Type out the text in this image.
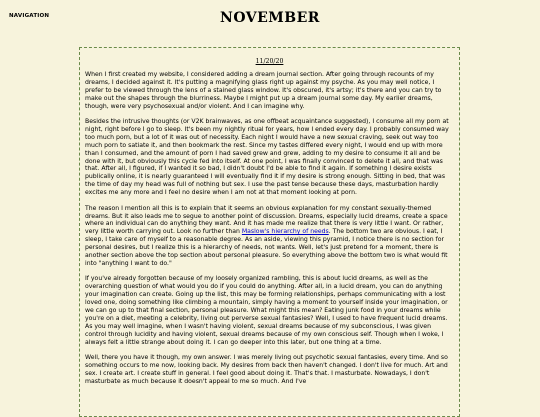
NAVIGATION	NOVEMBER
11/20/20

When I first created my website, I considered adding a dream journal section. After going through recounts of my dreams, I decided against it. It's putting a magnifying glass right up against my psyche. As you may well notice, I prefer to be viewed through the lens of a stained glass window. It's obscured, it's artsy; it's there and you can try to make out the shapes through the blurriness. Maybe I might put up a dream journal some day. My earlier dreams, though, were very psychosexual and/or violent. And I can imagine why.

Besides the intrusive thoughts (or V2K brainwaves, as one offbeat acquaintance suggested), I consume all my porn at night, right before I go to sleep. It's been my nightly ritual for years, how I ended every day. I probably consumed way too much porn, but a lot of it was out of necessity. Each night I would have a new sexual craving, seek out way too much porn to satiate it, and then bookmark the rest. Since my tastes differed every night, I would end up with more than I consumed, and the amount of porn I had saved grew and grew, adding to my desire to consume it all and be done with it, but obviously this cycle fed into itself. At one point, I was finally convinced to delete it all, and that was that. After all, I figured, if I wanted it so bad, I didn't doubt I'd be able to find it again. If something I desire exists publically online, it is nearly guaranteed I will eventually find it if my desire is strong enough. Sitting in bed, that was the time of day my head was full of nothing but sex. I use the past tense because these days, masturbation hardly excites me any more and I feel no desire when I am not at that moment looking at porn.

The reason I mention all this is to explain that it seems an obvious explanation for my constant sexually-themed dreams. But it also leads me to segue to another point of discussion. Dreams, especially lucid dreams, create a space where an individual can do anything they want. And it has made me realize that there is very little I want. Or rather, very little worth carrying out. Look no further than Maslow's hierarchy of needs. The bottom two are obvious. I eat, I sleep, I take care of myself to a reasonable degree. As an aside, viewing this pyramid, I notice there is no section for personal desires, but I realize this is a hierarchy of needs, not wants. Well, let's just pretend for a moment, there is another section above the top section about personal pleasure. So everything above the bottom two is what would fit into "anything I want to do."

If you've already forgotten because of my loosely organized rambling, this is about lucid dreams, as well as the overarching question of what would you do if you could do anything. After all, in a lucid dream, you can do anything your imagination can create. Going up the list, this may be forming relationships, perhaps communicating with a lost loved one, doing something like climbing a mountain, simply having a moment to yourself inside your imagination, or we can go up to that final section, personal pleasure. What might this mean? Eating junk food in your dreams while you're on a diet, meeting a celebrity, living out perverse sexual fantasies? Well, I used to have frequent lucid dreams. As you may well imagine, when I wasn't having violent, sexual dreams because of my subconscious, I was given control through lucidity and having violent, sexual dreams because of my own conscious self. Though when I woke, I always felt a little strange about doing it. I can go deeper into this later, but one thing at a time.

Well, there you have it though, my own answer. I was merely living out psychotic sexual fantasies, every time. And so something occurs to me now, looking back. My desires from back then haven't changed. I don't live for much. Art and sex. I create art. I create stuff in general. I feel good about doing it. That's that. I masturbate. Nowadays, I don't masturbate as much because it doesn't appeal to me so much. And I've
